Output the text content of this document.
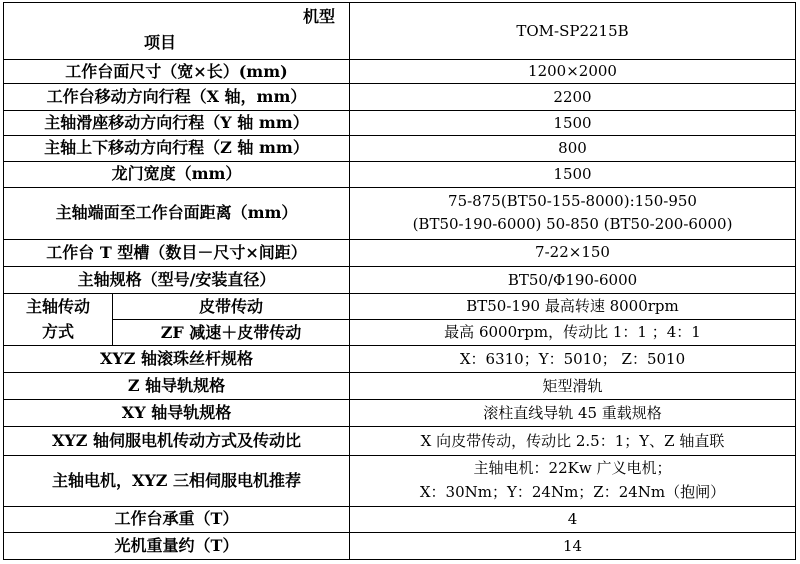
机型
项目		TOM-SP2215B
工作台面尺寸（宽×长）(mm)		1200×2000
工作台移动方向行程（X 轴，mm）		2200
主轴滑座移动方向行程（Y 轴 mm）		1500
主轴上下移动方向行程（Z 轴 mm）		800
龙门宽度（mm）		1500
主轴端面至工作台面距离（mm）		75-875(BT50-155-8000):150-950
(BT50-190-6000) 50-850 (BT50-200-6000)

工作台 T 型槽（数目－尺寸×间距）		7-22×150
主轴规格（型号/安装直径）		BT50/Φ190-6000

主轴传动
方式	皮带传动	BT50-190 最高转速 8000rpm
	ZF 减速＋皮带传动	最高 6000rpm，传动比 1：1 ；4：1
XYZ 轴滚珠丝杆规格		X：6310；Y：5010； Z：5010
Z 轴导轨规格		矩型滑轨
XY 轴导轨规格		滚柱直线导轨 45 重载规格
XYZ 轴伺服电机传动方式及传动比		X 向皮带传动，传动比 2.5：1；Y、Z 轴直联
主轴电机，XYZ 三相伺服电机推荐		主轴电机：22Kw 广义电机；
X：30Nm；Y：24Nm；Z：24Nm（抱闸）

工作台承重（T）		4
光机重量约（T）		14
